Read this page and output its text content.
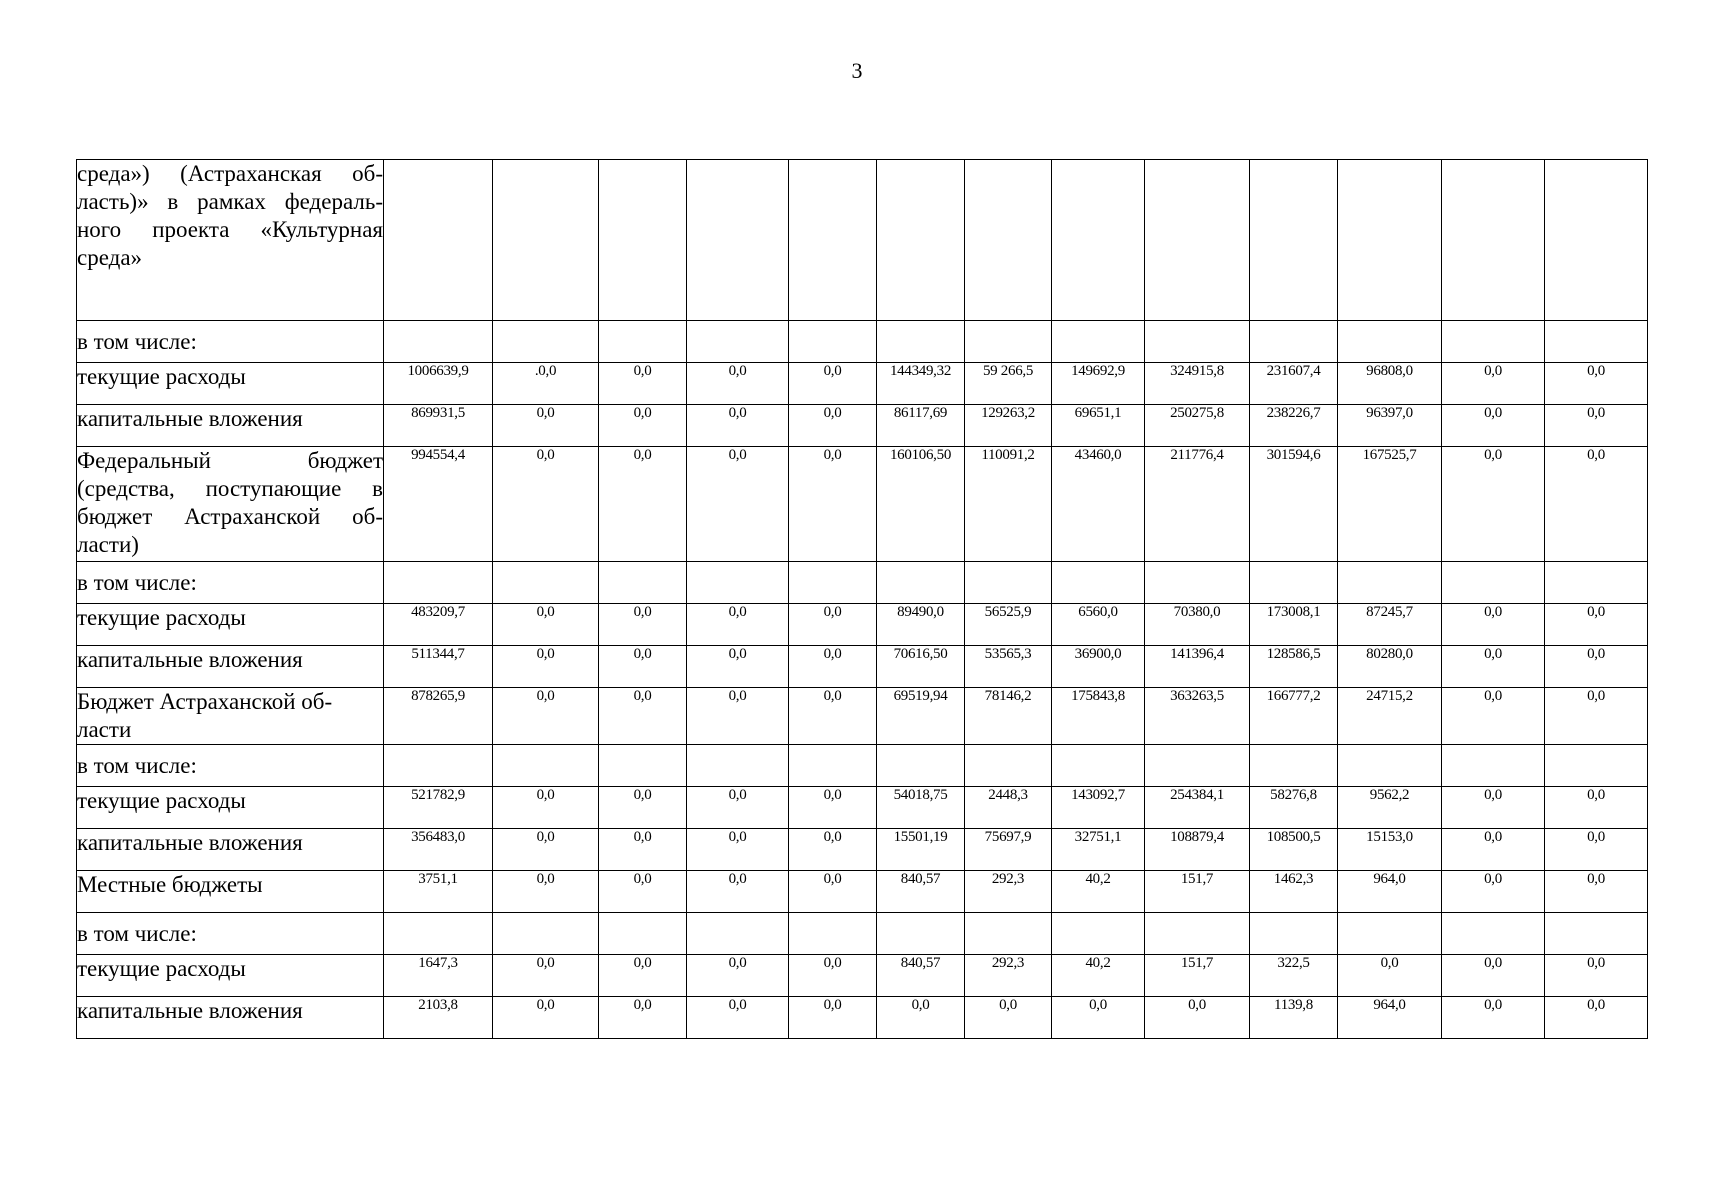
3
среда») (Астраханская об-ласть)» в рамках федераль-ного проекта «Культурная среда»													
в том числе:													
текущие расходы	1006639,9	.0,0	0,0	0,0	0,0	144349,32	59 266,5	149692,9	324915,8	231607,4	96808,0	0,0	0,0
капитальные вложения	869931,5	0,0	0,0	0,0	0,0	86117,69	129263,2	69651,1	250275,8	238226,7	96397,0	0,0	0,0
Федеральный бюджет (средства, поступающие в бюджет Астраханской об-ласти)	994554,4	0,0	0,0	0,0	0,0	160106,50	110091,2	43460,0	211776,4	301594,6	167525,7	0,0	0,0
в том числе:													
текущие расходы	483209,7	0,0	0,0	0,0	0,0	89490,0	56525,9	6560,0	70380,0	173008,1	87245,7	0,0	0,0
капитальные вложения	511344,7	0,0	0,0	0,0	0,0	70616,50	53565,3	36900,0	141396,4	128586,5	80280,0	0,0	0,0
Бюджет Астраханской об-ласти	878265,9	0,0	0,0	0,0	0,0	69519,94	78146,2	175843,8	363263,5	166777,2	24715,2	0,0	0,0
в том числе:													
текущие расходы	521782,9	0,0	0,0	0,0	0,0	54018,75	2448,3	143092,7	254384,1	58276,8	9562,2	0,0	0,0
капитальные вложения	356483,0	0,0	0,0	0,0	0,0	15501,19	75697,9	32751,1	108879,4	108500,5	15153,0	0,0	0,0
Местные бюджеты	3751,1	0,0	0,0	0,0	0,0	840,57	292,3	40,2	151,7	1462,3	964,0	0,0	0,0
в том числе:													
текущие расходы	1647,3	0,0	0,0	0,0	0,0	840,57	292,3	40,2	151,7	322,5	0,0	0,0	0,0
капитальные вложения	2103,8	0,0	0,0	0,0	0,0	0,0	0,0	0,0	0,0	1139,8	964,0	0,0	0,0
